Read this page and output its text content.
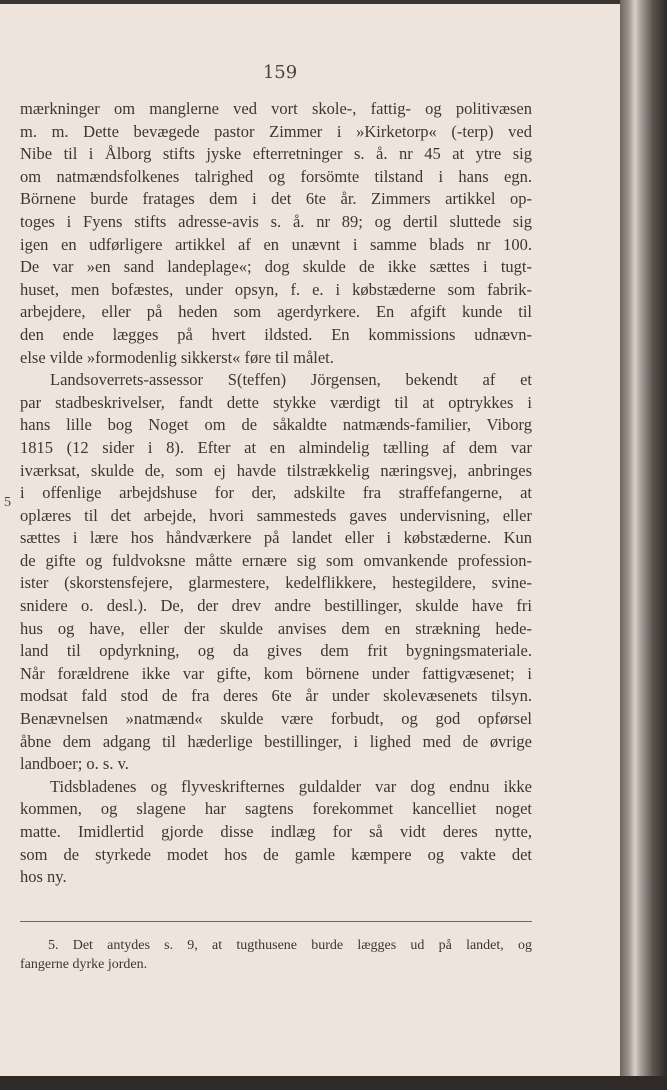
159
mærkninger om manglerne ved vort skole-, fattig- og politivæsen
m. m. Dette bevægede pastor Zimmer i »Kirketorp« (-terp) ved
Nibe til i Ålborg stifts jyske efterretninger s. å. nr 45 at ytre sig
om natmændsfolkenes talrighed og forsömte tilstand i hans egn.
Börnene burde fratages dem i det 6te år. Zimmers artikkel op-
toges i Fyens stifts adresse-avis s. å. nr 89; og dertil sluttede sig
igen en udførligere artikkel af en unævnt i samme blads nr 100.
De var »en sand landeplage«; dog skulde de ikke sættes i tugt-
huset, men bofæstes, under opsyn, f. e. i købstæderne som fabrik-
arbejdere, eller på heden som agerdyrkere. En afgift kunde til
den ende lægges på hvert ildsted. En kommissions udnævn-
else vilde »formodenlig sikkerst« føre til målet.
Landsoverrets-assessor S(teffen) Jörgensen, bekendt af et
par stadbeskrivelser, fandt dette stykke værdigt til at optrykkes i
hans lille bog Noget om de såkaldte natmænds-familier, Viborg
1815 (12 sider i 8). Efter at en almindelig tælling af dem var
iværksat, skulde de, som ej havde tilstrækkelig næringsvej, anbringes
i offenlige arbejdshuse for der, adskilte fra straffefangerne, at
oplæres til det arbejde, hvori sammesteds gaves undervisning, eller
sættes i lære hos håndværkere på landet eller i købstæderne. Kun
de gifte og fuldvoksne måtte ernære sig som omvankende profession-
ister (skorstensfejere, glarmestere, kedelflikkere, hestegildere, svine-
snidere o. desl.). De, der drev andre bestillinger, skulde have fri
hus og have, eller der skulde anvises dem en strækning hede-
land til opdyrkning, og da gives dem frit bygningsmateriale.
Når forældrene ikke var gifte, kom börnene under fattigvæsenet; i
modsat fald stod de fra deres 6te år under skolevæsenets tilsyn.
Benævnelsen »natmænd« skulde være forbudt, og god opførsel
åbne dem adgang til hæderlige bestillinger, i lighed med de øvrige
landboer; o. s. v.
Tidsbladenes og flyveskrifternes guldalder var dog endnu ikke
kommen, og slagene har sagtens forekommet kancelliet noget
matte. Imidlertid gjorde disse indlæg for så vidt deres nytte,
som de styrkede modet hos de gamle kæmpere og vakte det
hos ny.
5
5. Det antydes s. 9, at tugthusene burde lægges ud på landet, og
fangerne dyrke jorden.
